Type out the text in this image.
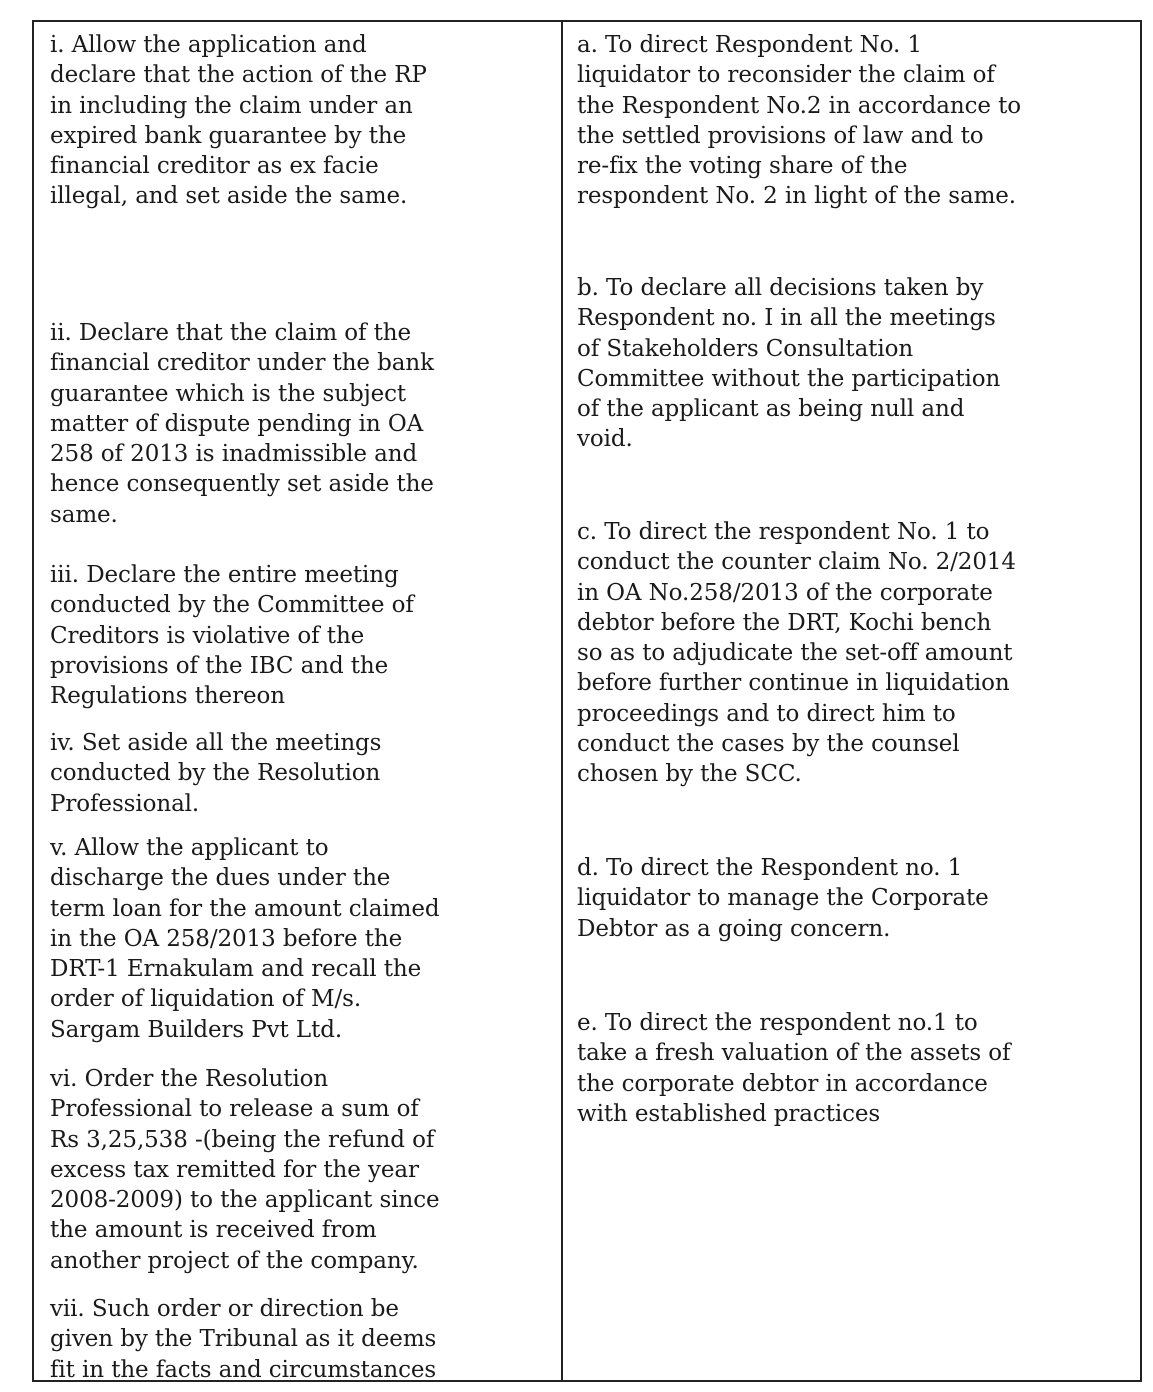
i. Allow the application and
declare that the action of the RP
in including the claim under an
expired bank guarantee by the
financial creditor as ex facie
illegal, and set aside the same.

ii. Declare that the claim of the
financial creditor under the bank
guarantee which is the subject
matter of dispute pending in OA
258 of 2013 is inadmissible and
hence consequently set aside the
same.

iii. Declare the entire meeting
conducted by the Committee of
Creditors is violative of the
provisions of the IBC and the
Regulations thereon

iv. Set aside all the meetings
conducted by the Resolution
Professional.

v. Allow the applicant to
discharge the dues under the
term loan for the amount claimed
in the OA 258/2013 before the
DRT-1 Ernakulam and recall the
order of liquidation of M/s.
Sargam Builders Pvt Ltd.

vi. Order the Resolution
Professional to release a sum of
Rs 3,25,538 -(being the refund of
excess tax remitted for the year
2008-2009) to the applicant since
the amount is received from
another project of the company.

vii. Such order or direction be
given by the Tribunal as it deems
fit in the facts and circumstances

a. To direct Respondent No. 1
liquidator to reconsider the claim of
the Respondent No.2 in accordance to
the settled provisions of law and to
re-fix the voting share of the
respondent No. 2 in light of the same.

b. To declare all decisions taken by
Respondent no. I in all the meetings
of Stakeholders Consultation
Committee without the participation
of the applicant as being null and
void.

c. To direct the respondent No. 1 to
conduct the counter claim No. 2/2014
in OA No.258/2013 of the corporate
debtor before the DRT, Kochi bench
so as to adjudicate the set-off amount
before further continue in liquidation
proceedings and to direct him to
conduct the cases by the counsel
chosen by the SCC.

d. To direct the Respondent no. 1
liquidator to manage the Corporate
Debtor as a going concern.

e. To direct the respondent no.1 to
take a fresh valuation of the assets of
the corporate debtor in accordance
with established practices
